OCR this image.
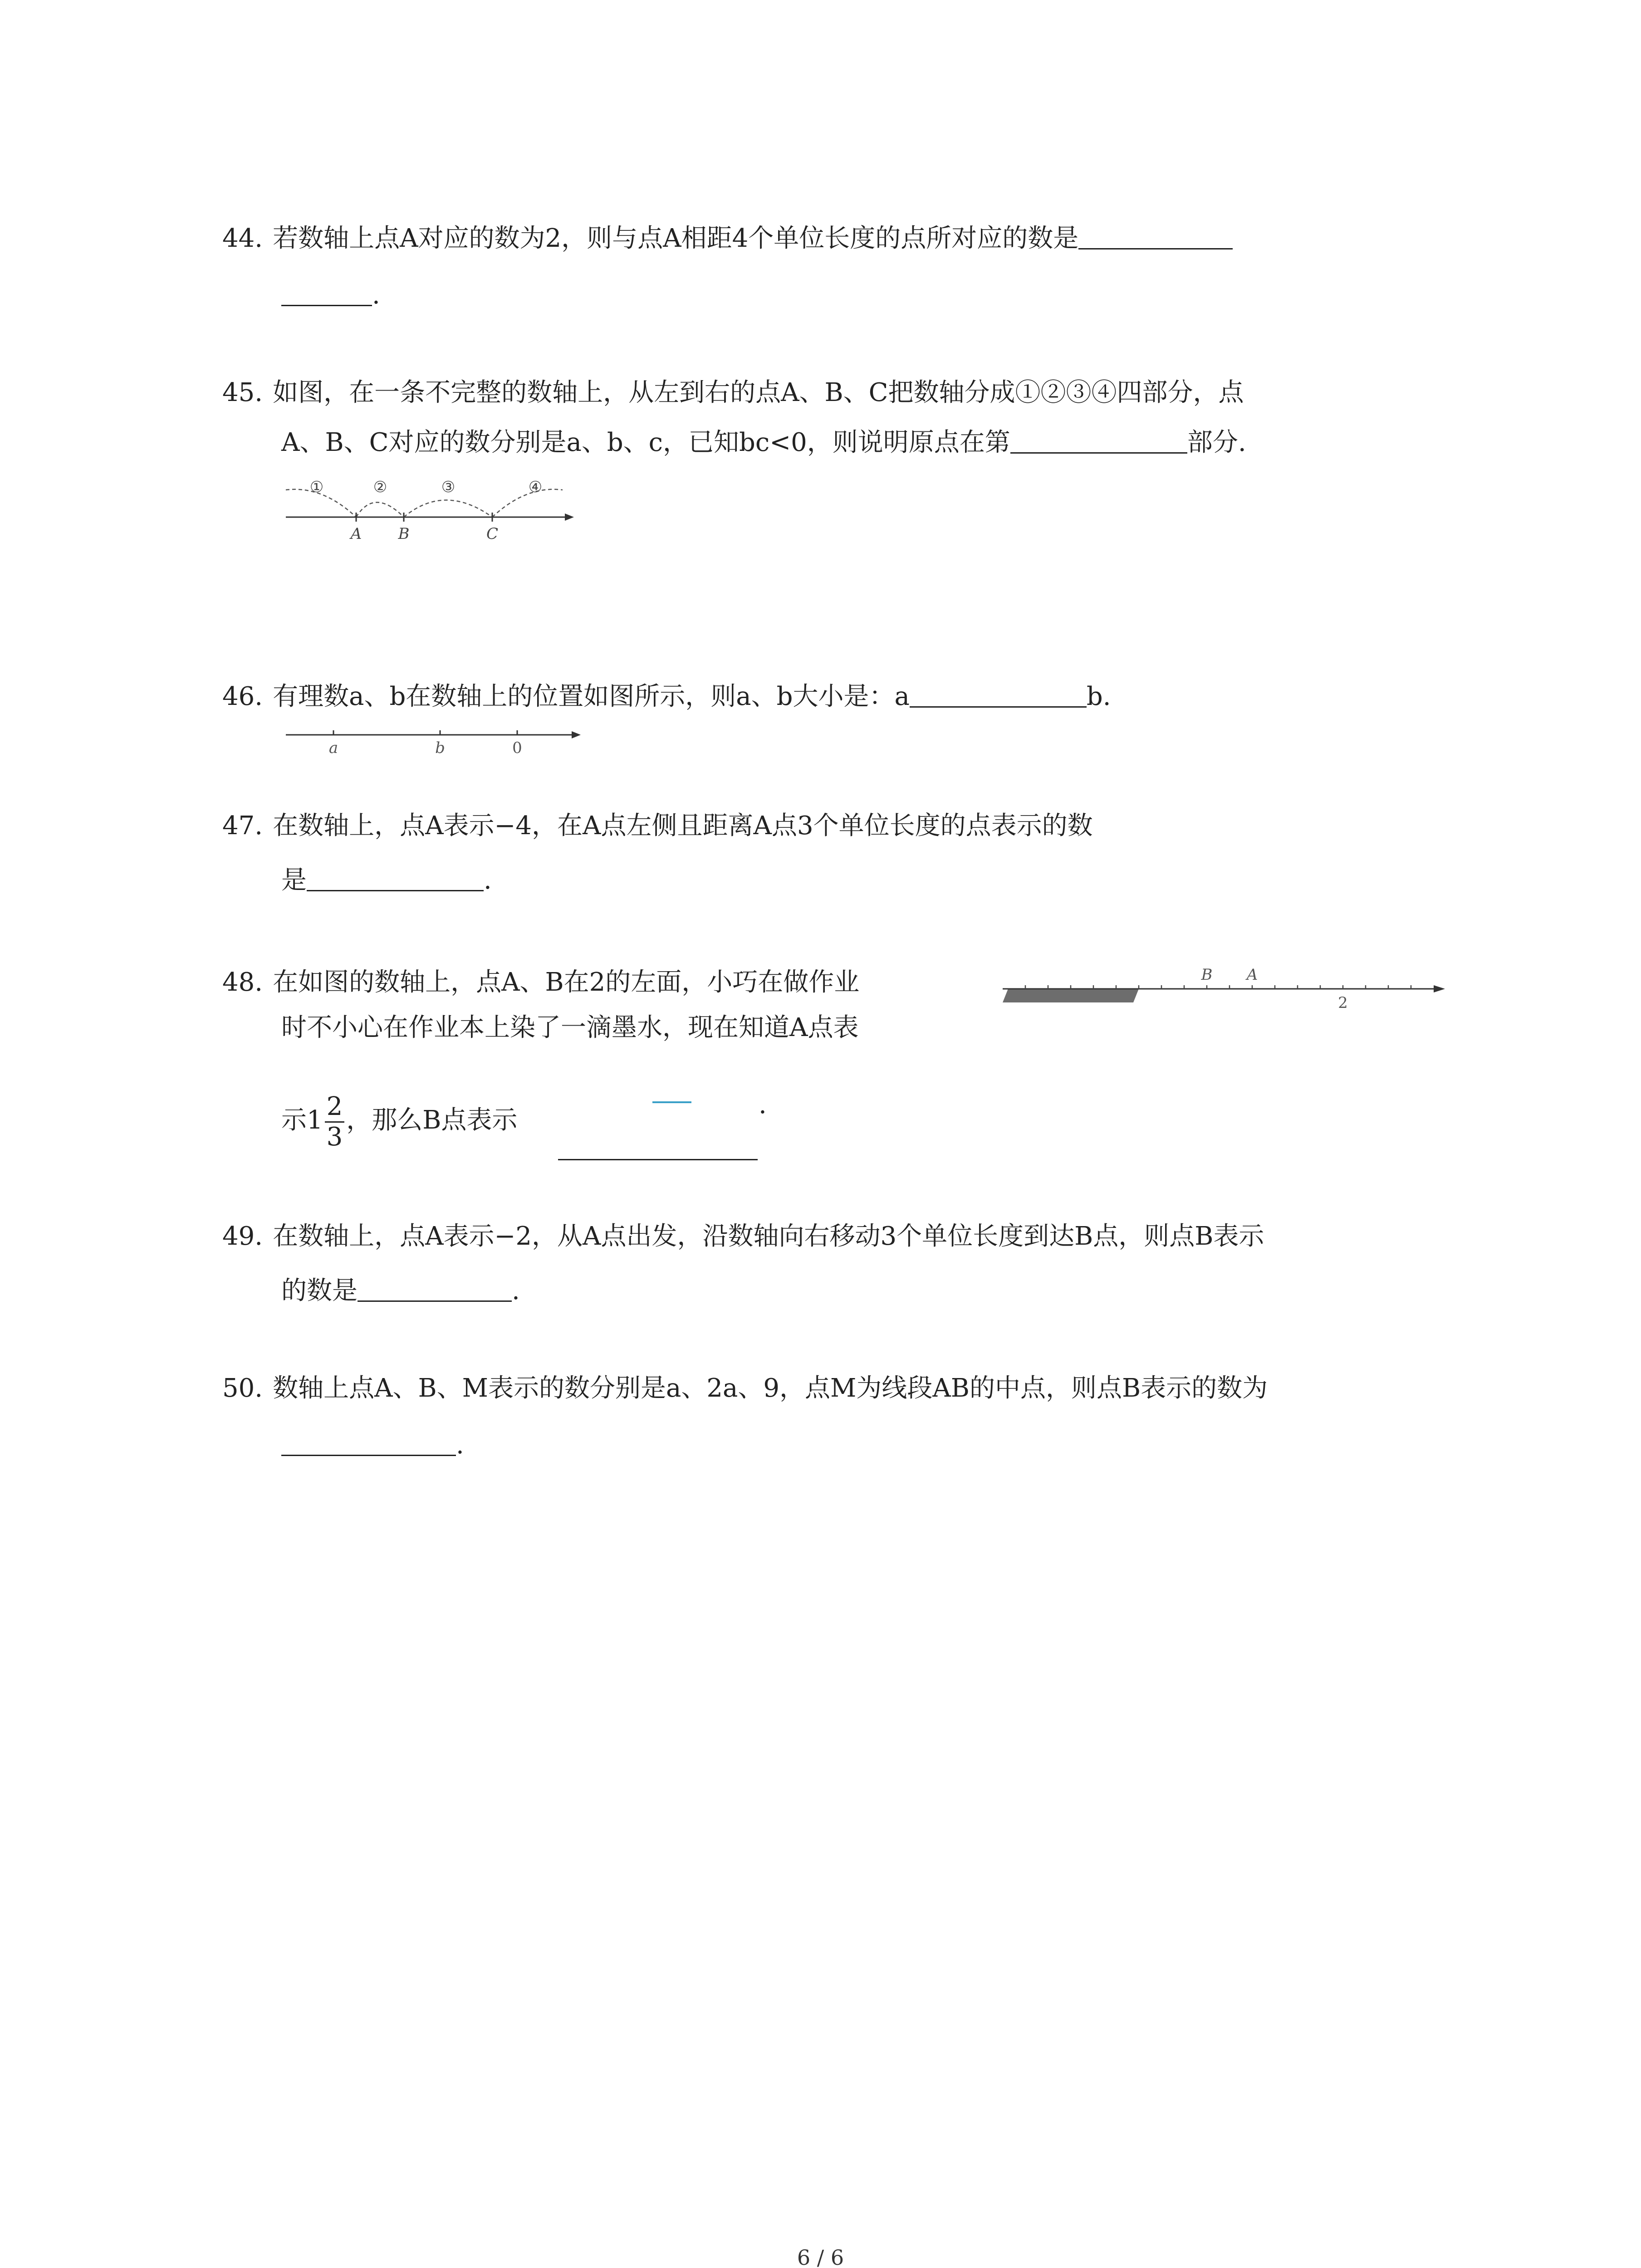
44. 若数轴上点A对应的数为2，则与点A相距4个单位长度的点所对应的数是
.
45. 如图，在一条不完整的数轴上，从左到右的点A、B、C把数轴分成①②③④四部分，点
A、B、C对应的数分别是a、b、c，已知bc<0，则说明原点在第	部分.
①	②	③	④
A B	C
46. 有理数a、b在数轴上的位置如图所示，则a、b大小是：a	b.
a	b	0
47. 在数轴上，点A表示−4，在A点左侧且距离A点3个单位长度的点表示的数
是	.
48. 在如图的数轴上，点A、B在2的左面，小巧在做作业
时不小心在作业本上染了一滴墨水，现在知道A点表
示$1 \frac{2}{3}$ ，那么B点表示
.
B A
2
49. 在数轴上，点A表示−2，从A点出发，沿数轴向右移动3个单位长度到达B点，则点B表示
的数是	.
50. 数轴上点A、B、M表示的数分别是a、2a、9，点M为线段AB的中点，则点B表示的数为
.
6 / 6
